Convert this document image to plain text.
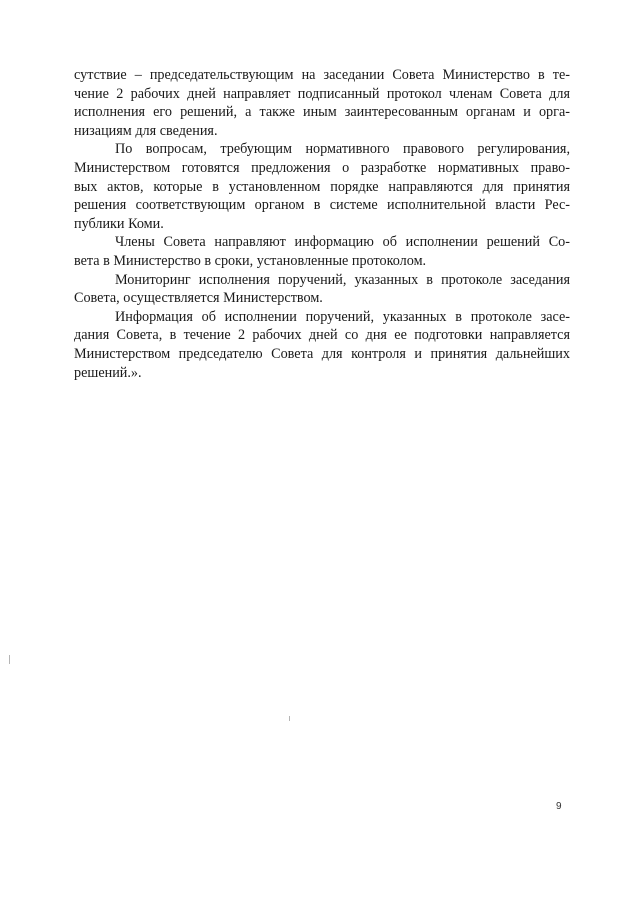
сутствие – председательствующим на заседании Совета Министерство в те-
чение 2 рабочих дней направляет подписанный протокол членам Совета для
исполнения его решений, а также иным заинтересованным органам и орга-
низациям для сведения.
По вопросам, требующим нормативного правового регулирования,
Министерством готовятся предложения о разработке нормативных право-
вых актов, которые в установленном порядке направляются для принятия
решения соответствующим органом в системе исполнительной власти Рес-
публики Коми.
Члены Совета направляют информацию об исполнении решений Со-
вета в Министерство в сроки, установленные протоколом.
Мониторинг исполнения поручений, указанных в протоколе заседания
Совета, осуществляется Министерством.
Информация об исполнении поручений, указанных в протоколе засе-
дания Совета, в течение 2 рабочих дней со дня ее подготовки направляется
Министерством председателю Совета для контроля и принятия дальнейших
решений.».
9
